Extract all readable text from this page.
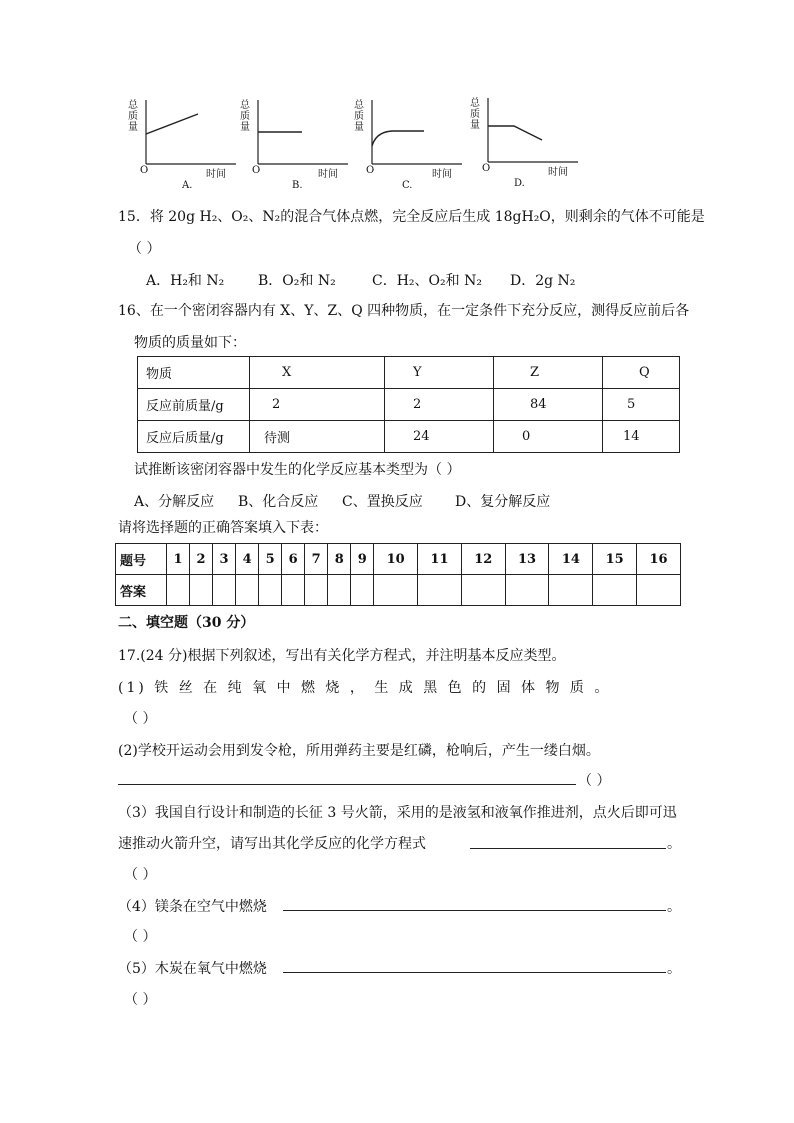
总
质
量
O	时间
A.
总
质
量
O	时间
B.
总
质
量
O	时间
C.
总
质
量
O	时间
D.
15．将 20g H₂、O₂、N₂的混合气体点燃，完全反应后生成 18gH₂O，则剩余的气体不可能是
（ ）
A．H₂和 N₂ B．O₂和 N₂	C．H₂、O₂和 N₂ D．2g N₂
16、在一个密闭容器内有 X、Y、Z、Q 四种物质，在一定条件下充分反应，测得反应前后各
物质的质量如下：
物质	X	Y	Z	Q
反应前质量/g	2	2	84	5
反应后质量/g	待测	24	0	14
试推断该密闭容器中发生的化学反应基本类型为（ ）
A、分解反应 B、化合反应 C、置换反应 D、复分解反应
请将选择题的正确答案填入下表：
题号	1	2	3	4	5	6	7	8	9	10	11	12	13	14	15	16
答案																
二、填空题（30 分）
17.(24 分)根据下列叙述，写出有关化学方程式，并注明基本反应类型。
(1) 铁 丝 在 纯 氧 中 燃 烧 ， 生 成 黑 色 的 固 体 物 质 。
（ ）
(2)学校开运动会用到发令枪，所用弹药主要是红磷，枪响后，产生一缕白烟。
（ ）
（3）我国自行设计和制造的长征 3 号火箭，采用的是液氢和液氧作推进剂，点火后即可迅
速推动火箭升空，请写出其化学反应的化学方程式	。
（ ）
（4）镁条在空气中燃烧	。
（ ）
（5）木炭在氧气中燃烧	。
（ ）
